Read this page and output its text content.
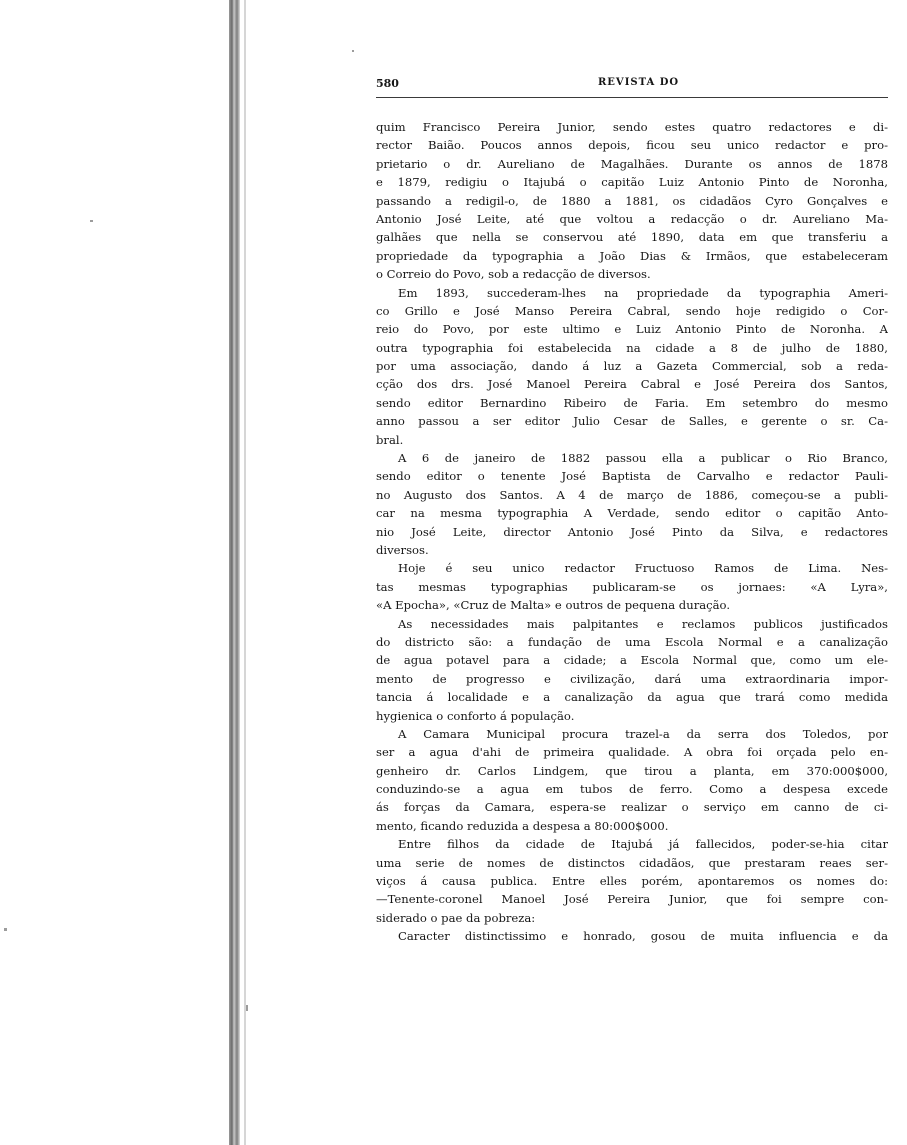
580	REVISTA DO
quim Francisco Pereira Junior, sendo estes quatro redactores e di-
rector Baião. Poucos annos depois, ficou seu unico redactor e pro-
prietario o dr. Aureliano de Magalhães. Durante os annos de 1878
e 1879, redigiu o Itajubá o capitão Luiz Antonio Pinto de Noronha,
passando a redigil-o, de 1880 a 1881, os cidadãos Cyro Gonçalves e
Antonio José Leite, até que voltou a redacção o dr. Aureliano Ma-
galhães que nella se conservou até 1890, data em que transferiu a
propriedade da typographia a João Dias & Irmãos, que estabeleceram
o Correio do Povo, sob a redacção de diversos.
Em 1893, succederam-lhes na propriedade da typographia Ameri-
co Grillo e José Manso Pereira Cabral, sendo hoje redigido o Cor-
reio do Povo, por este ultimo e Luiz Antonio Pinto de Noronha. A
outra typographia foi estabelecida na cidade a 8 de julho de 1880,
por uma associação, dando á luz a Gazeta Commercial, sob a reda-
cção dos drs. José Manoel Pereira Cabral e José Pereira dos Santos,
sendo editor Bernardino Ribeiro de Faria. Em setembro do mesmo
anno passou a ser editor Julio Cesar de Salles, e gerente o sr. Ca-
bral.
A 6 de janeiro de 1882 passou ella a publicar o Rio Branco,
sendo editor o tenente José Baptista de Carvalho e redactor Pauli-
no Augusto dos Santos. A 4 de março de 1886, começou-se a publi-
car na mesma typographia A Verdade, sendo editor o capitão Anto-
nio José Leite, director Antonio José Pinto da Silva, e redactores
diversos.
Hoje é seu unico redactor Fructuoso Ramos de Lima. Nes-
tas mesmas typographias publicaram-se os jornaes: «A Lyra»,
«A Epocha», «Cruz de Malta» e outros de pequena duração.
As necessidades mais palpitantes e reclamos publicos justificados
do districto são: a fundação de uma Escola Normal e a canalização
de agua potavel para a cidade; a Escola Normal que, como um ele-
mento de progresso e civilização, dará uma extraordinaria impor-
tancia á localidade e a canalização da agua que trará como medida
hygienica o conforto á população.
A Camara Municipal procura trazel-a da serra dos Toledos, por
ser a agua d'ahi de primeira qualidade. A obra foi orçada pelo en-
genheiro dr. Carlos Lindgem, que tirou a planta, em 370:000$000,
conduzindo-se a agua em tubos de ferro. Como a despesa excede
ás forças da Camara, espera-se realizar o serviço em canno de ci-
mento, ficando reduzida a despesa a 80:000$000.
Entre filhos da cidade de Itajubá já fallecidos, poder-se-hia citar
uma serie de nomes de distinctos cidadãos, que prestaram reaes ser-
viços á causa publica. Entre elles porém, apontaremos os nomes do:
—Tenente-coronel Manoel José Pereira Junior, que foi sempre con-
siderado o pae da pobreza:
Caracter distinctissimo e honrado, gosou de muita influencia e da
